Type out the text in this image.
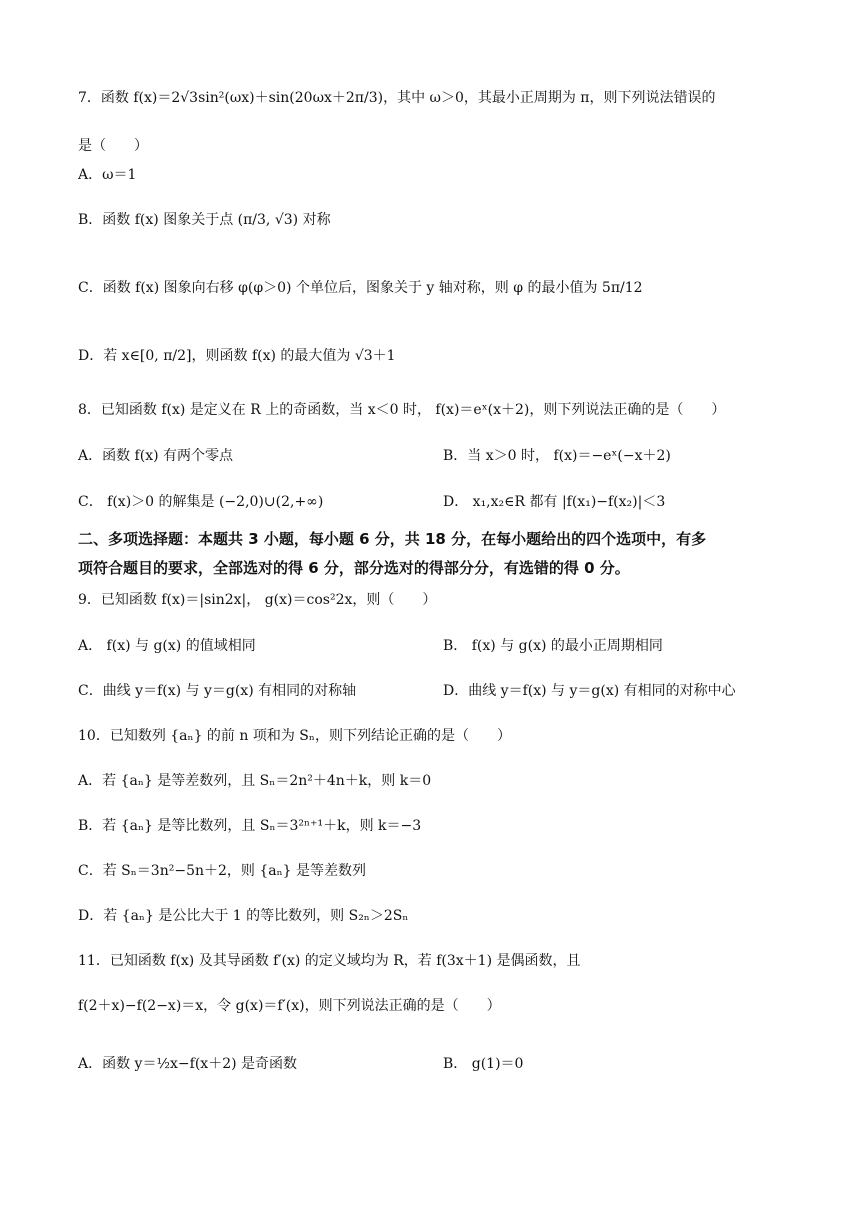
7．函数 f(x)＝2√3sin²(ωx)＋sin(20ωx＋2π/3)，其中 ω＞0，其最小正周期为 π，则下列说法错误的
是（　　）
A．ω＝1
B．函数 f(x) 图象关于点 (π/3, √3) 对称
C．函数 f(x) 图象向右移 φ(φ＞0) 个单位后，图象关于 y 轴对称，则 φ 的最小值为 5π/12
D．若 x∈[0, π/2]，则函数 f(x) 的最大值为 √3＋1
8．已知函数 f(x) 是定义在 R 上的奇函数，当 x＜0 时， f(x)＝eˣ(x＋2)，则下列说法正确的是（　　）
A．函数 f(x) 有两个零点	B．当 x＞0 时， f(x)＝−eˣ(−x＋2)
C． f(x)＞0 的解集是 (−2,0)∪(2,+∞)	D． x₁,x₂∈R 都有 |f(x₁)−f(x₂)|＜3
二、多项选择题：本题共 3 小题，每小题 6 分，共 18 分，在每小题给出的四个选项中，有多
项符合题目的要求，全部选对的得 6 分，部分选对的得部分分，有选错的得 0 分。
9．已知函数 f(x)＝|sin2x|， g(x)＝cos²2x，则（　　）
A． f(x) 与 g(x) 的值域相同	B． f(x) 与 g(x) 的最小正周期相同
C．曲线 y＝f(x) 与 y＝g(x) 有相同的对称轴	D．曲线 y＝f(x) 与 y＝g(x) 有相同的对称中心
10．已知数列 {aₙ} 的前 n 项和为 Sₙ，则下列结论正确的是（　　）
A．若 {aₙ} 是等差数列，且 Sₙ＝2n²＋4n＋k，则 k＝0
B．若 {aₙ} 是等比数列，且 Sₙ＝3²ⁿ⁺¹＋k，则 k＝−3
C．若 Sₙ＝3n²−5n＋2，则 {aₙ} 是等差数列
D．若 {aₙ} 是公比大于 1 的等比数列，则 S₂ₙ＞2Sₙ
11．已知函数 f(x) 及其导函数 f′(x) 的定义域均为 R，若 f(3x＋1) 是偶函数，且
f(2＋x)−f(2−x)＝x，令 g(x)＝f′(x)，则下列说法正确的是（　　）
A．函数 y＝½x−f(x＋2) 是奇函数	B． g(1)＝0
